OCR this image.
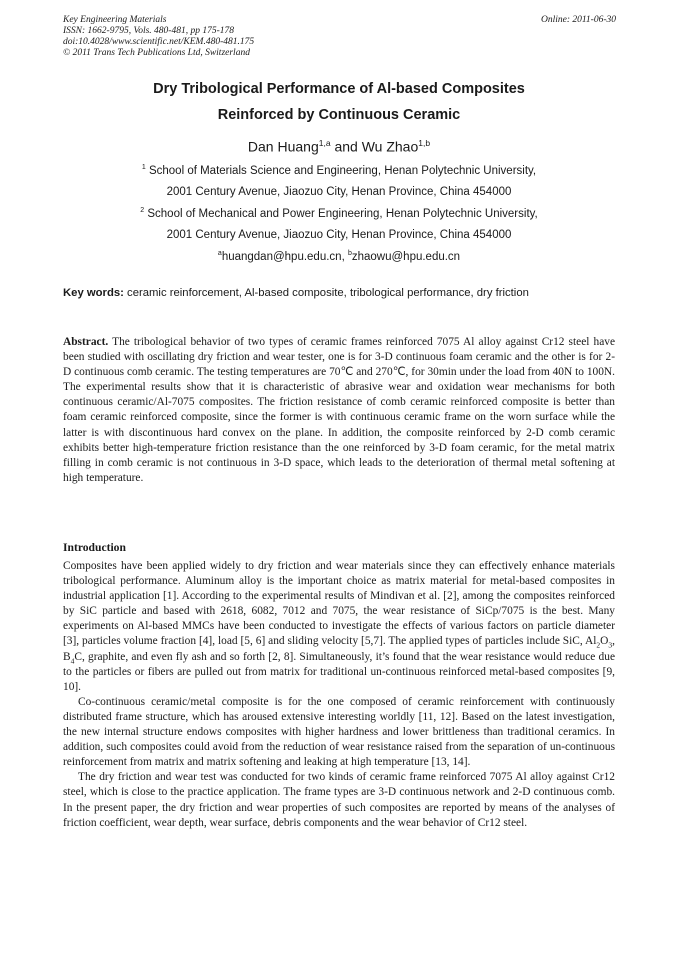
Key Engineering Materials
ISSN: 1662-9795, Vols. 480-481, pp 175-178
doi:10.4028/www.scientific.net/KEM.480-481.175
© 2011 Trans Tech Publications Ltd, Switzerland
Online: 2011-06-30
Dry Tribological Performance of Al-based Composites
Reinforced by Continuous Ceramic
Dan Huang$^{1,a}$ and Wu Zhao$^{1,b}$
$^1$ School of Materials Science and Engineering, Henan Polytechnic University,
2001 Century Avenue, Jiaozuo City, Henan Province, China 454000
$^2$ School of Mechanical and Power Engineering, Henan Polytechnic University,
2001 Century Avenue, Jiaozuo City, Henan Province, China 454000
$^a$huangdan@hpu.edu.cn, $^b$zhaowu@hpu.edu.cn
Key words: ceramic reinforcement, Al-based composite, tribological performance, dry friction
Abstract. The tribological behavior of two types of ceramic frames reinforced 7075 Al alloy against Cr12 steel have been studied with oscillating dry friction and wear tester, one is for 3-D continuous foam ceramic and the other is for 2-D continuous comb ceramic. The testing temperatures are 70℃ and 270℃, for 30min under the load from 40N to 100N. The experimental results show that it is characteristic of abrasive wear and oxidation wear mechanisms for both continuous ceramic/Al-7075 composites. The friction resistance of comb ceramic reinforced composite is better than foam ceramic reinforced composite, since the former is with continuous ceramic frame on the worn surface while the latter is with discontinuous hard convex on the plane. In addition, the composite reinforced by 2-D comb ceramic exhibits better high-temperature friction resistance than the one reinforced by 3-D foam ceramic, for the metal matrix filling in comb ceramic is not continuous in 3-D space, which leads to the deterioration of thermal metal softening at high temperature.
Introduction

Composites have been applied widely to dry friction and wear materials since they can effectively enhance materials tribological performance. Aluminum alloy is the important choice as matrix material for metal-based composites in industrial application [1]. According to the experimental results of Mindivan et al. [2], among the composites reinforced by SiC particle and based with 2618, 6082, 7012 and 7075, the wear resistance of SiCp/7075 is the best. Many experiments on Al-based MMCs have been conducted to investigate the effects of various factors on particle diameter [3], particles volume fraction [4], load [5, 6] and sliding velocity [5,7]. The applied types of particles include SiC, $Al_2O_3$, $B_4C$, graphite, and even fly ash and so forth [2, 8]. Simultaneously, it’s found that the wear resistance would reduce due to the particles or fibers are pulled out from matrix for traditional un-continuous reinforced metal-based composites [9, 10].

Co-continuous ceramic/metal composite is for the one composed of ceramic reinforcement with continuously distributed frame structure, which has aroused extensive interesting worldly [11, 12]. Based on the latest investigation, the new internal structure endows composites with higher hardness and lower brittleness than traditional ceramics. In addition, such composites could avoid from the reduction of wear resistance raised from the separation of un-continuous reinforcement from matrix and matrix softening and leaking at high temperature [13, 14].

The dry friction and wear test was conducted for two kinds of ceramic frame reinforced 7075 Al alloy against Cr12 steel, which is close to the practice application. The frame types are 3-D continuous network and 2-D continuous comb. In the present paper, the dry friction and wear properties of such composites are reported by means of the analyses of friction coefficient, wear depth, wear surface, debris components and the wear behavior of Cr12 steel.
